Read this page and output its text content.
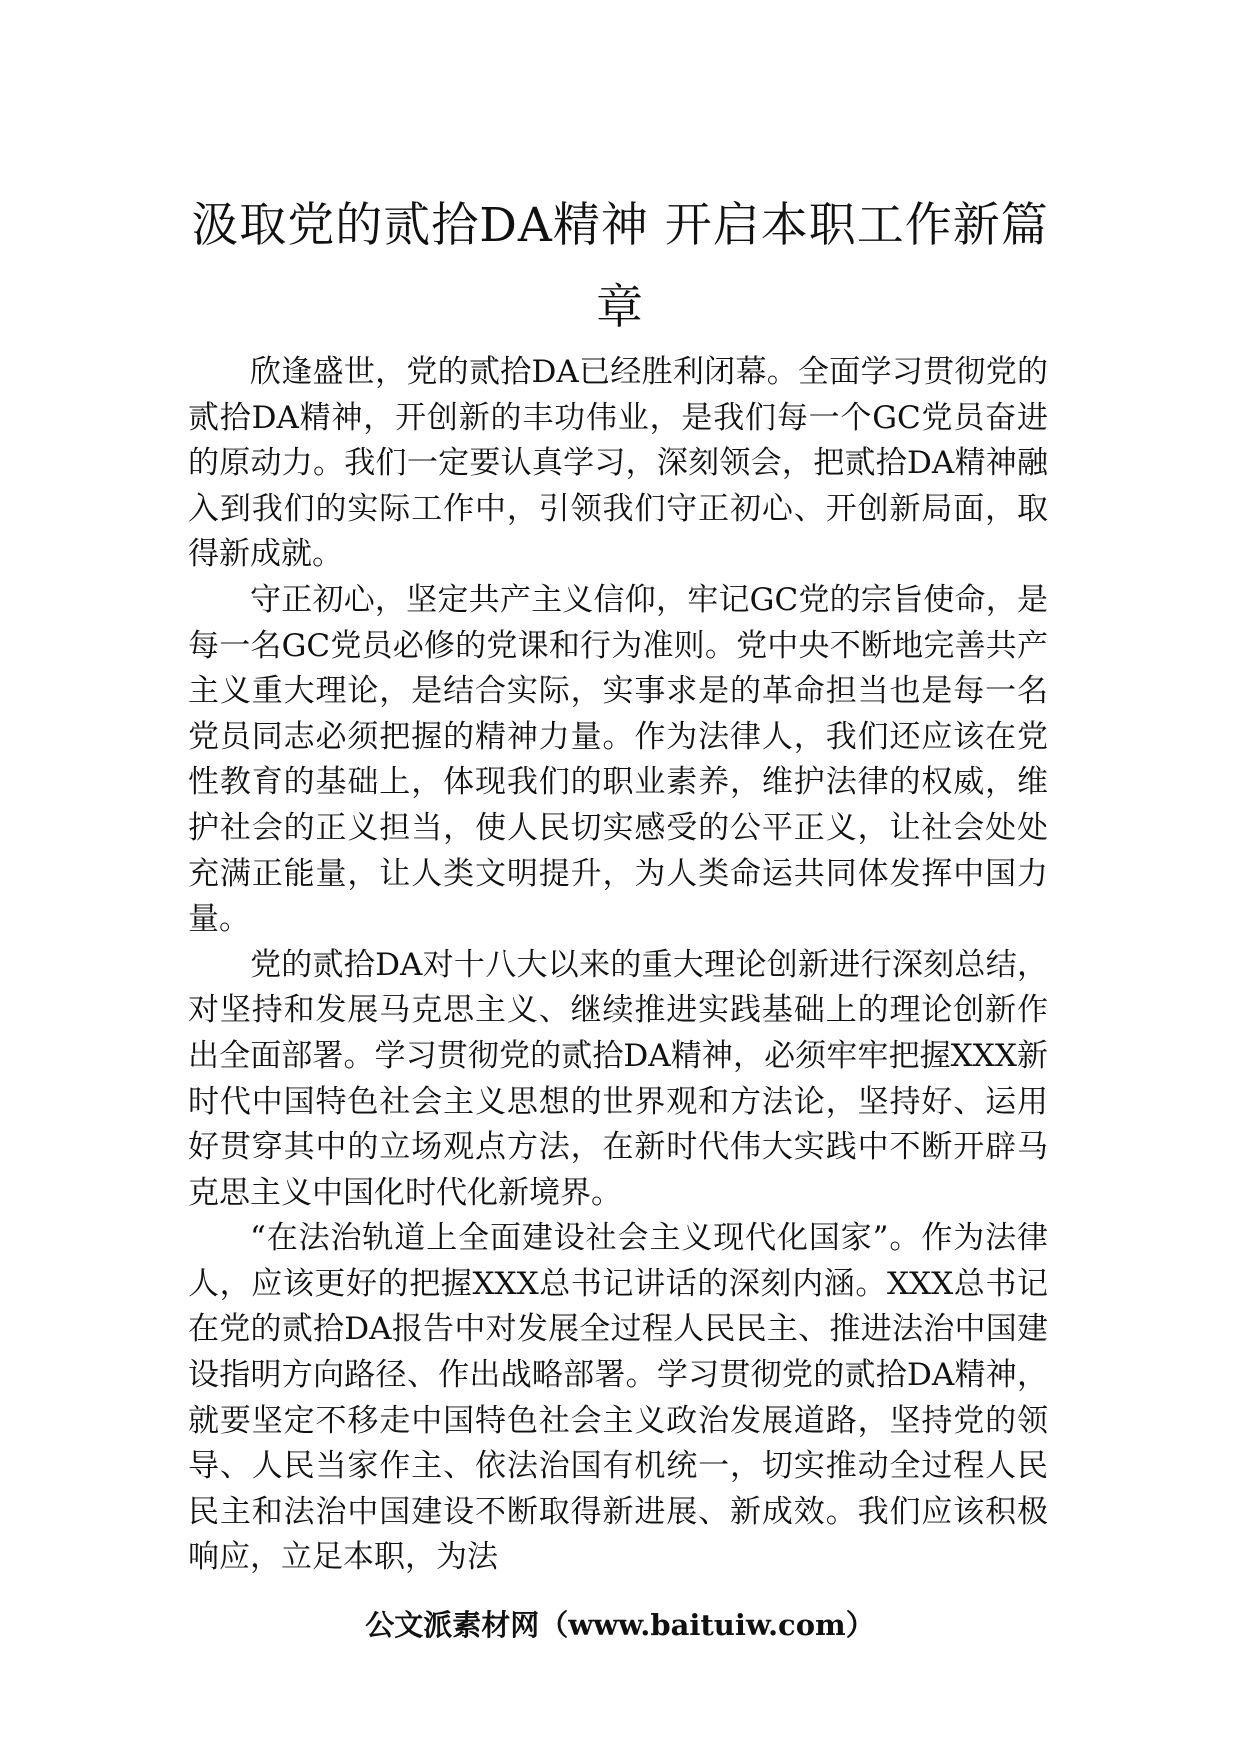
汲取党的贰拾DA精神 开启本职工作新篇章

欣逢盛世，党的贰拾DA已经胜利闭幕。全面学习贯彻党的贰拾DA精神，开创新的丰功伟业，是我们每一个GC党员奋进的原动力。我们一定要认真学习，深刻领会，把贰拾DA精神融入到我们的实际工作中，引领我们守正初心、开创新局面，取得新成就。

守正初心，坚定共产主义信仰，牢记GC党的宗旨使命，是每一名GC党员必修的党课和行为准则。党中央不断地完善共产主义重大理论，是结合实际，实事求是的革命担当也是每一名党员同志必须把握的精神力量。作为法律人，我们还应该在党性教育的基础上，体现我们的职业素养，维护法律的权威，维护社会的正义担当，使人民切实感受的公平正义，让社会处处充满正能量，让人类文明提升，为人类命运共同体发挥中国力量。

党的贰拾DA对十八大以来的重大理论创新进行深刻总结，对坚持和发展马克思主义、继续推进实践基础上的理论创新作出全面部署。学习贯彻党的贰拾DA精神，必须牢牢把握XXX新时代中国特色社会主义思想的世界观和方法论，坚持好、运用好贯穿其中的立场观点方法，在新时代伟大实践中不断开辟马克思主义中国化时代化新境界。

“在法治轨道上全面建设社会主义现代化国家”。作为法律人，应该更好的把握XXX总书记讲话的深刻内涵。XXX总书记在党的贰拾DA报告中对发展全过程人民民主、推进法治中国建设指明方向路径、作出战略部署。学习贯彻党的贰拾DA精神，就要坚定不移走中国特色社会主义政治发展道路，坚持党的领导、人民当家作主、依法治国有机统一，切实推动全过程人民民主和法治中国建设不断取得新进展、新成效。我们应该积极响应，立足本职，为法

公文派素材网（www.baituiw.com）
